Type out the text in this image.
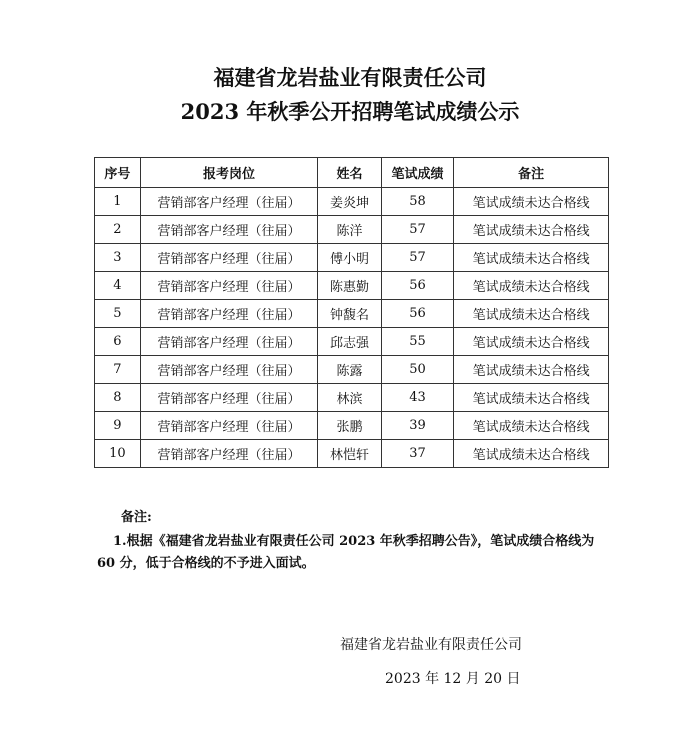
福建省龙岩盐业有限责任公司
2023 年秋季公开招聘笔试成绩公示
序号	报考岗位	姓名	笔试成绩	备注
1	营销部客户经理（往届）	姜炎坤	58	笔试成绩未达合格线
2	营销部客户经理（往届）	陈洋	57	笔试成绩未达合格线
3	营销部客户经理（往届）	傅小明	57	笔试成绩未达合格线
4	营销部客户经理（往届）	陈惠勤	56	笔试成绩未达合格线
5	营销部客户经理（往届）	钟馥名	56	笔试成绩未达合格线
6	营销部客户经理（往届）	邱志强	55	笔试成绩未达合格线
7	营销部客户经理（往届）	陈露	50	笔试成绩未达合格线
8	营销部客户经理（往届）	林滨	43	笔试成绩未达合格线
9	营销部客户经理（往届）	张鹏	39	笔试成绩未达合格线
10	营销部客户经理（往届）	林恺轩	37	笔试成绩未达合格线
备注:
1.根据《福建省龙岩盐业有限责任公司 2023 年秋季招聘公告》，笔试成绩合格线为 60 分，低于合格线的不予进入面试。
福建省龙岩盐业有限责任公司
2023 年 12 月 20 日
